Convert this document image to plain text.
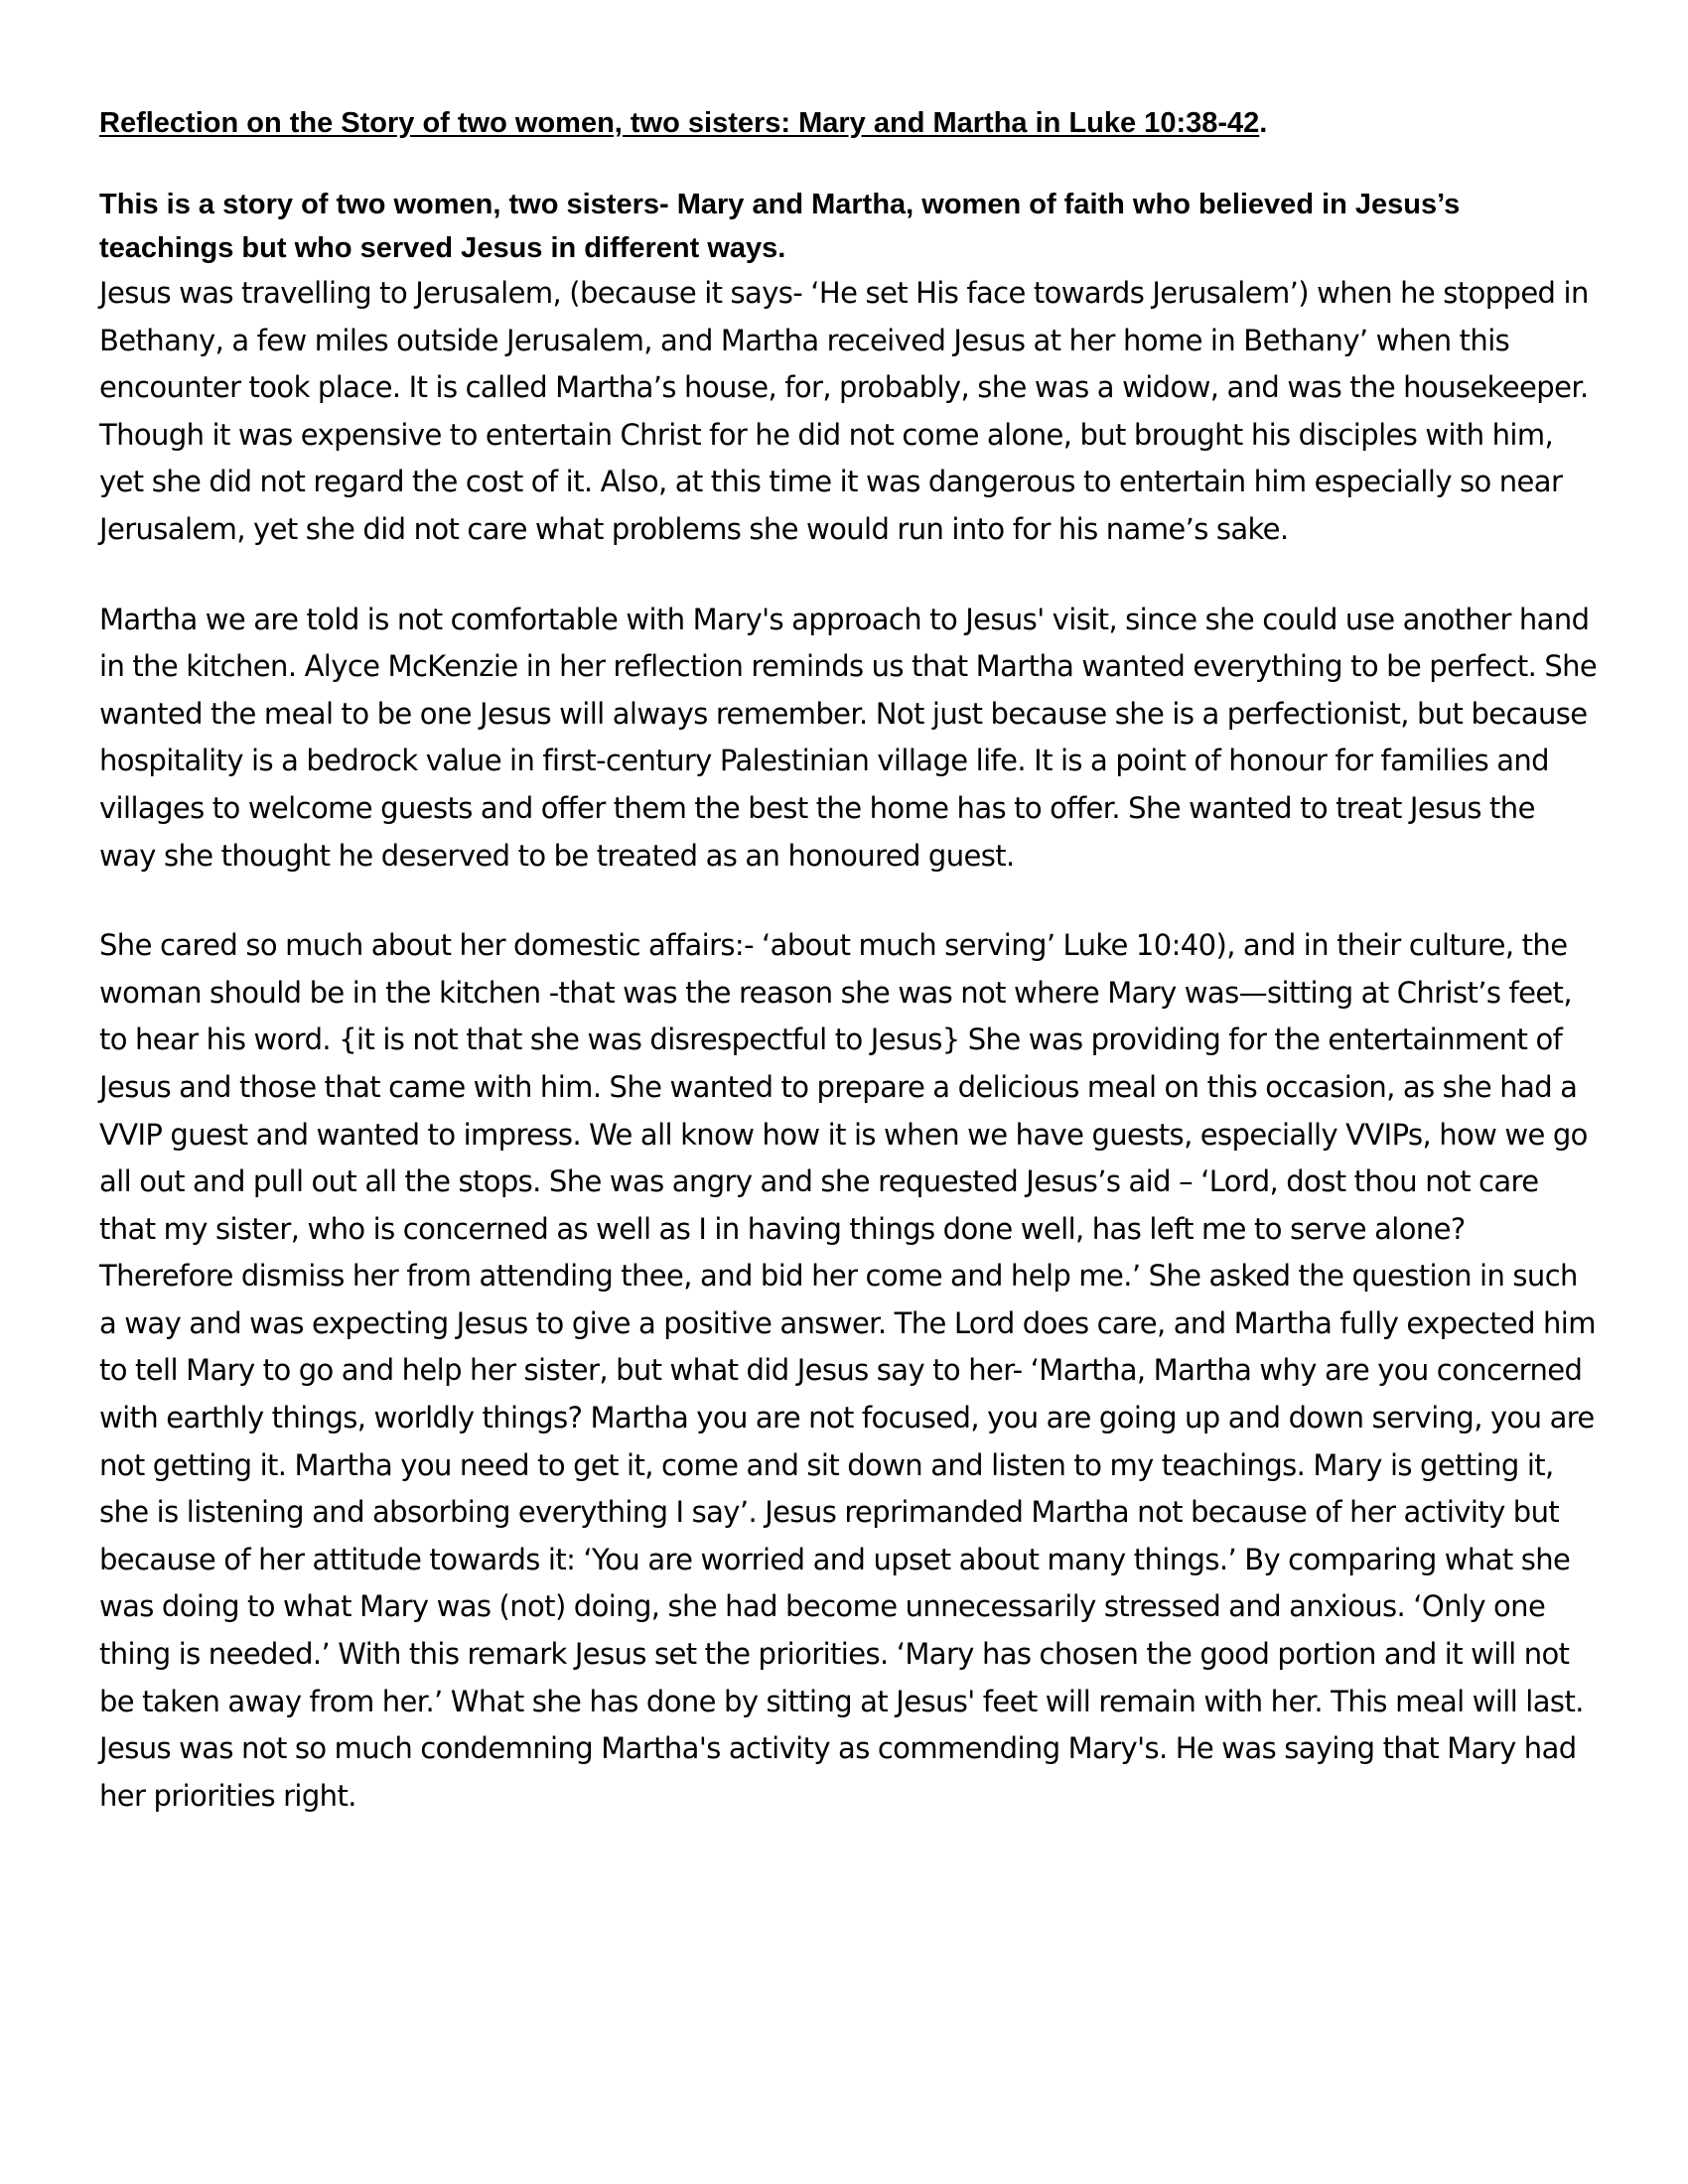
Reflection on the Story of two women, two sisters: Mary and Martha in Luke 10:38-42.

This is a story of two women, two sisters- Mary and Martha, women of faith who believed in Jesus’s teachings but who served Jesus in different ways.

Jesus was travelling to Jerusalem, (because it says- ‘He set His face towards Jerusalem’) when he stopped in Bethany, a few miles outside Jerusalem, and Martha received Jesus at her home in Bethany’ when this encounter took place. It is called Martha’s house, for, probably, she was a widow, and was the housekeeper. Though it was expensive to entertain Christ for he did not come alone, but brought his disciples with him, yet she did not regard the cost of it. Also, at this time it was dangerous to entertain him especially so near Jerusalem, yet she did not care what problems she would run into for his name’s sake.

Martha we are told is not comfortable with Mary's approach to Jesus' visit, since she could use another hand in the kitchen. Alyce McKenzie in her reflection reminds us that Martha wanted everything to be perfect. She wanted the meal to be one Jesus will always remember. Not just because she is a perfectionist, but because hospitality is a bedrock value in first-century Palestinian village life. It is a point of honour for families and villages to welcome guests and offer them the best the home has to offer. She wanted to treat Jesus the way she thought he deserved to be treated as an honoured guest.

She cared so much about her domestic affairs:- ‘about much serving’ Luke 10:40), and in their culture, the woman should be in the kitchen -that was the reason she was not where Mary was—sitting at Christ’s feet, to hear his word. {it is not that she was disrespectful to Jesus} She was providing for the entertainment of Jesus and those that came with him. She wanted to prepare a delicious meal on this occasion, as she had a VVIP guest and wanted to impress. We all know how it is when we have guests, especially VVIPs, how we go all out and pull out all the stops. She was angry and she requested Jesus’s aid – ‘Lord, dost thou not care that my sister, who is concerned as well as I in having things done well, has left me to serve alone? Therefore dismiss her from attending thee, and bid her come and help me.’ She asked the question in such a way and was expecting Jesus to give a positive answer. The Lord does care, and Martha fully expected him to tell Mary to go and help her sister, but what did Jesus say to her- ‘Martha, Martha why are you concerned with earthly things, worldly things? Martha you are not focused, you are going up and down serving, you are not getting it. Martha you need to get it, come and sit down and listen to my teachings. Mary is getting it, she is listening and absorbing everything I say’. Jesus reprimanded Martha not because of her activity but because of her attitude towards it: ‘You are worried and upset about many things.’ By comparing what she was doing to what Mary was (not) doing, she had become unnecessarily stressed and anxious. ‘Only one thing is needed.’ With this remark Jesus set the priorities. ‘Mary has chosen the good portion and it will not be taken away from her.’ What she has done by sitting at Jesus' feet will remain with her. This meal will last. Jesus was not so much condemning Martha's activity as commending Mary's. He was saying that Mary had her priorities right.
